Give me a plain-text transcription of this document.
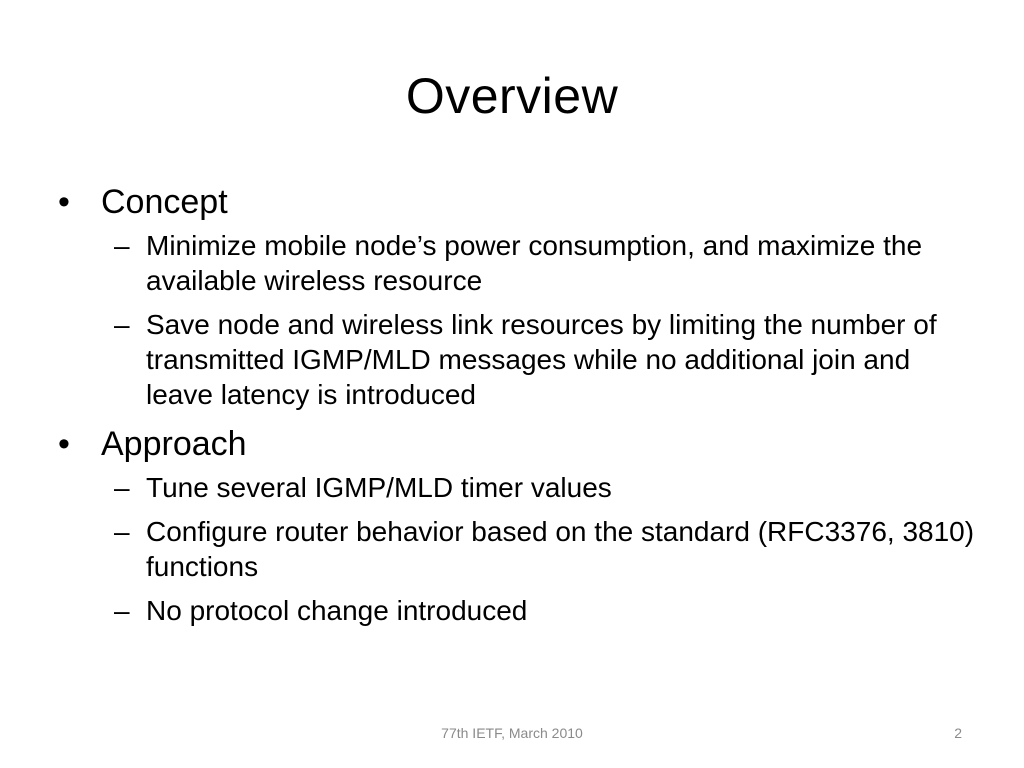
Overview
• Concept
– Minimize mobile node’s power consumption, and maximize the available wireless resource
– Save node and wireless link resources by limiting the number of transmitted IGMP/MLD messages while no additional join and leave latency is introduced
• Approach
– Tune several IGMP/MLD timer values
– Configure router behavior based on the standard (RFC3376, 3810) functions
– No protocol change introduced
77th IETF, March 2010	2
